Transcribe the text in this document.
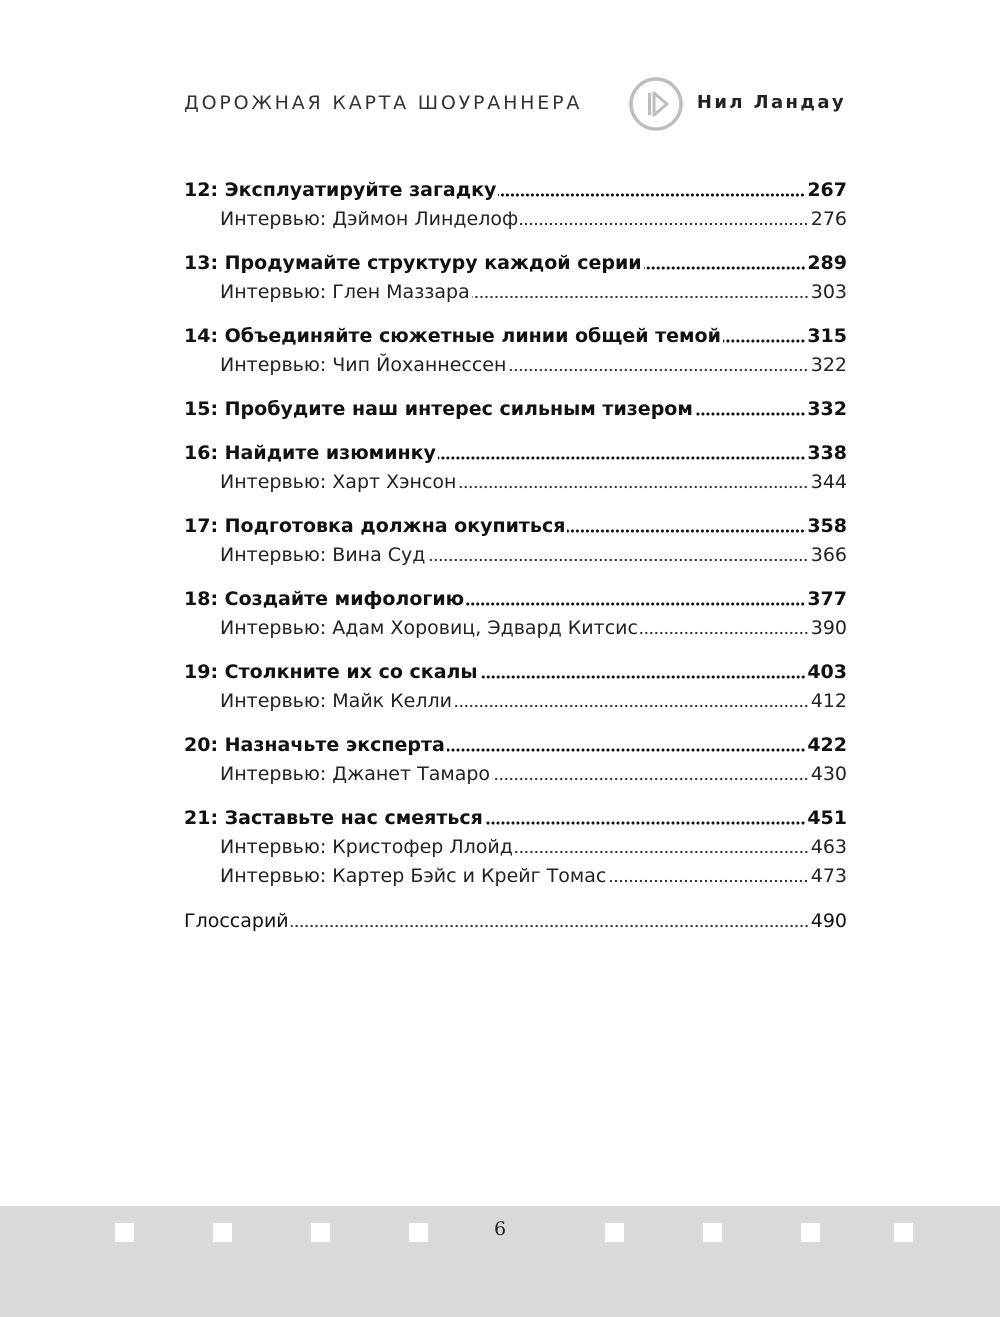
ДОРОЖНАЯ КАРТА ШОУРАННЕРА	Нил Ландау
12: Эксплуатируйте загадку	267
Интервью: Дэймон Линделоф	276
13: Продумайте структуру каждой серии	289
Интервью: Глен Маззара	303
14: Объединяйте сюжетные линии общей темой	315
Интервью: Чип Йоханнессен	322
15: Пробудите наш интерес сильным тизером	332
16: Найдите изюминку	338
Интервью: Харт Хэнсон	344
17: Подготовка должна окупиться	358
Интервью: Вина Суд	366
18: Создайте мифологию	377
Интервью: Адам Хоровиц, Эдвард Китсис	390
19: Столкните их со скалы	403
Интервью: Майк Келли	412
20: Назначьте эксперта	422
Интервью: Джанет Тамаро	430
21: Заставьте нас смеяться	451
Интервью: Кристофер Ллойд	463
Интервью: Картер Бэйс и Крейг Томас	473
Глоссарий	490
6
